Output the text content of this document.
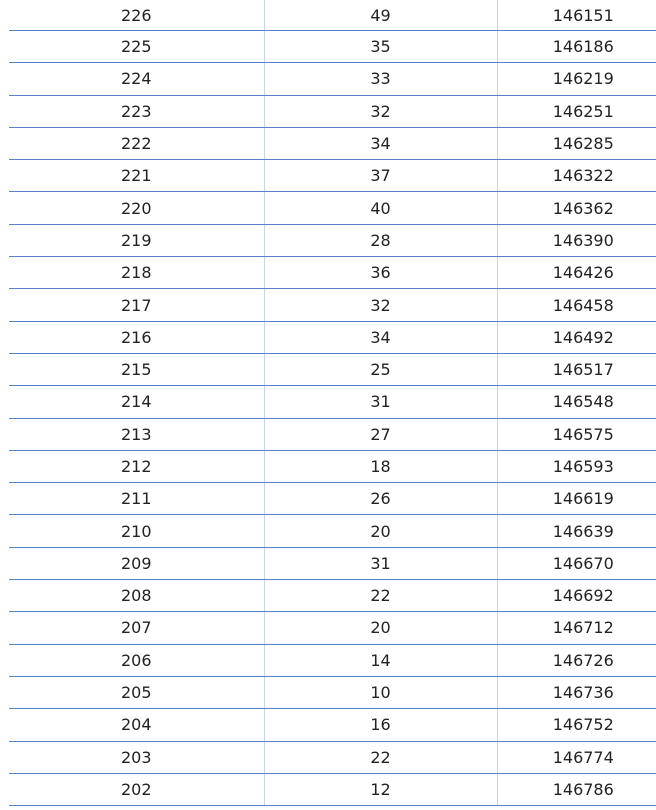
226	49	146151
225	35	146186
224	33	146219
223	32	146251
222	34	146285
221	37	146322
220	40	146362
219	28	146390
218	36	146426
217	32	146458
216	34	146492
215	25	146517
214	31	146548
213	27	146575
212	18	146593
211	26	146619
210	20	146639
209	31	146670
208	22	146692
207	20	146712
206	14	146726
205	10	146736
204	16	146752
203	22	146774
202	12	146786
